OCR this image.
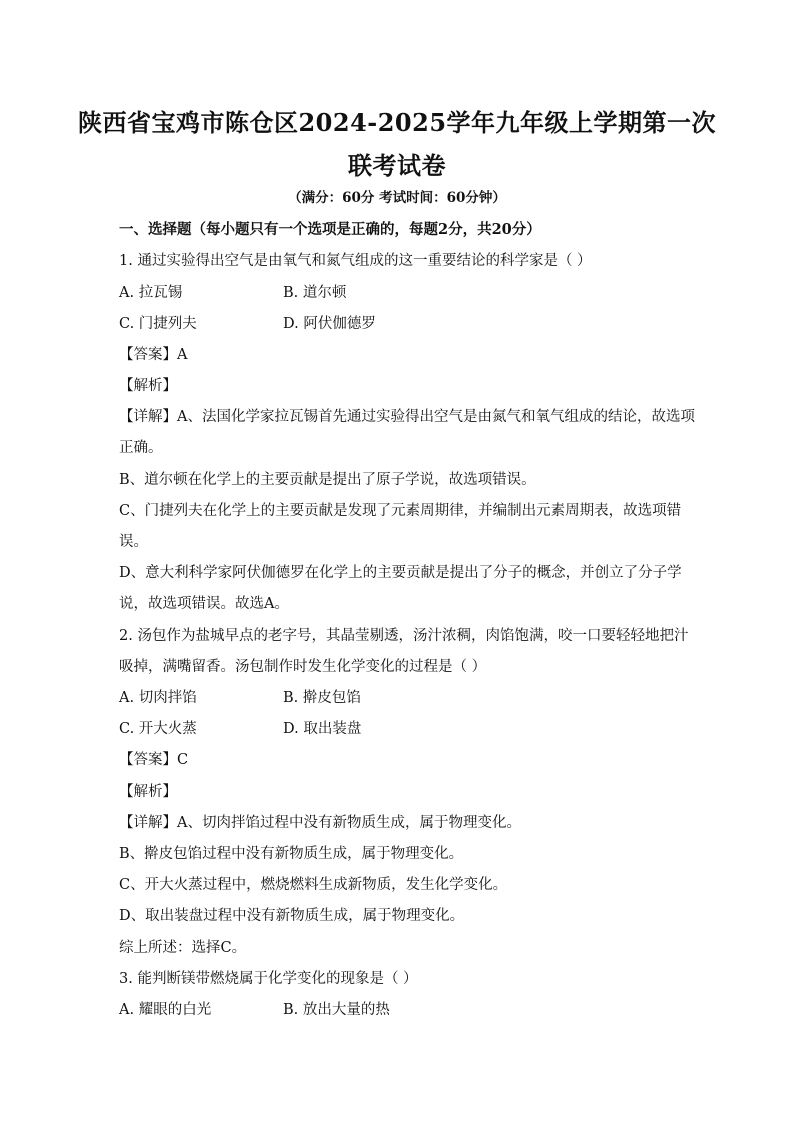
陕西省宝鸡市陈仓区2024-2025学年九年级上学期第一次
联考试卷
（满分：60分 考试时间：60分钟）
一、选择题（每小题只有一个选项是正确的，每题2分，共20分）
1. 通过实验得出空气是由氧气和氮气组成的这一重要结论的科学家是（ ）
A. 拉瓦锡	B. 道尔顿
C. 门捷列夫	D. 阿伏伽德罗
【答案】A
【解析】
【详解】A、法国化学家拉瓦锡首先通过实验得出空气是由氮气和氧气组成的结论，故选项
正确。
B、道尔顿在化学上的主要贡献是提出了原子学说，故选项错误。
C、门捷列夫在化学上的主要贡献是发现了元素周期律，并编制出元素周期表，故选项错
误。
D、意大利科学家阿伏伽德罗在化学上的主要贡献是提出了分子的概念，并创立了分子学
说，故选项错误。故选A。
2. 汤包作为盐城早点的老字号，其晶莹剔透，汤汁浓稠，肉馅饱满，咬一口要轻轻地把汁
吸掉，满嘴留香。汤包制作时发生化学变化的过程是（ ）
A. 切肉拌馅	B. 擀皮包馅
C. 开大火蒸	D. 取出装盘
【答案】C
【解析】
【详解】A、切肉拌馅过程中没有新物质生成，属于物理变化。
B、擀皮包馅过程中没有新物质生成，属于物理变化。
C、开大火蒸过程中，燃烧燃料生成新物质，发生化学变化。
D、取出装盘过程中没有新物质生成，属于物理变化。
综上所述：选择C。
3. 能判断镁带燃烧属于化学变化的现象是（ ）
A. 耀眼的白光	B. 放出大量的热
